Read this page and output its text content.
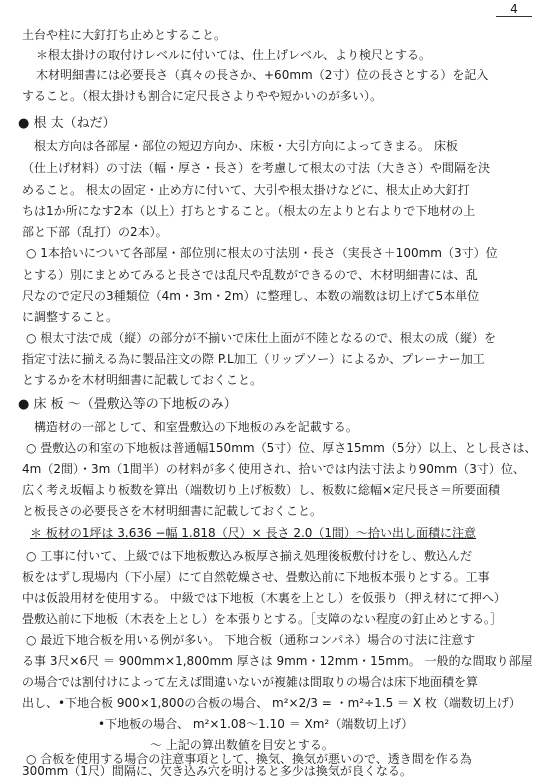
4
土台や柱に大釘打ち止めとすること。
＊根太掛けの取付けレベルに付いては、仕上げレベル、より検尺とする。
木材明細書には必要長さ（真々の長さか、+60mm（2寸）位の長さとする）を記入
すること。（根太掛けも割合に定尺長さよりやや短かいのが多い）。
● 根 太（ねだ）
根太方向は各部屋・部位の短辺方向か、床板・大引方向によってきまる。 床板
（仕上げ材料）の寸法（幅・厚さ・長さ）を考慮して根太の寸法（大きさ）や間隔を決
めること。 根太の固定・止め方に付いて、大引や根太掛けなどに、根太止め大釘打
ちは1か所になす2本（以上）打ちとすること。（根太の左よりと右よりで下地材の上
部と下部（乱打）の2本）。
○ 1本拾いについて各部屋・部位別に根太の寸法別・長さ（実長さ＋100mm（3寸）位
とする）別にまとめてみると長さでは乱尺や乱数ができるので、木材明細書には、乱
尺なので定尺の3種類位（4m・3m・2m）に整理し、本数の端数は切上げて5本単位
に調整すること。
○ 根太寸法で成（縦）の部分が不揃いで床仕上面が不陸となるので、根太の成（縦）を
指定寸法に揃える為に製品注文の際 P.L加工（リップソー）によるか、プレーナー加工
とするかを木材明細書に記載しておくこと。
● 床 板 〜（畳敷込等の下地板のみ）
構造材の一部として、和室畳敷込の下地板のみを記載する。
○ 畳敷込の和室の下地板は普通幅150mm（5寸）位、厚さ15mm（5分）以上、とし長さは、
4m（2間）・3m（1間半）の材料が多く使用され、拾いでは内法寸法より90mm（3寸）位、
広く考え坂幅より板数を算出（端数切り上げ板数）し、板数に総幅×定尺長さ＝所要面積
と板長さの必要長さを木材明細書に記載しておくこと。
＊ 板材の1坪は 3.636 −幅 1.818（尺）× 長さ 2.0（1間）〜拾い出し面積に注意
○ 工事に付いて、上級では下地板敷込み板厚さ揃え処理後板敷付けをし、敷込んだ
板をはずし現場内（下小屋）にて自然乾燥させ、畳敷込前に下地板本張りとする。工事
中は仮設用材を使用する。 中級では下地板（木裏を上とし）を仮張り（押え材にて押へ）
畳敷込前に下地板（木表を上とし）を本張りとする。［支障のない程度の釘止めとする。］
○ 最近下地合板を用いる例が多い。 下地合板（通称コンパネ）場合の寸法に注意す
る事 3尺×6尺 ＝ 900mm×1,800mm 厚さは 9mm・12mm・15mm。 一般的な間取り部屋
の場合では割付けによって左えば間違いないが複雑は間取りの場合は床下地面積を算
出し、•下地合板 900×1,800の合板の場合、 m²×2/3 = ・m²÷1.5 ＝ X 枚（端数切上げ）
•下地板の場合、 m²×1.08〜1.10 ＝ Xm²（端数切上げ）
〜 上記の算出数値を目安とする。
○ 合板を使用する場合の注意事項として、換気、換気が悪いので、透き間を作る為
300mm（1尺）間隔に、欠き込み穴を明けると多少は換気が良くなる。
